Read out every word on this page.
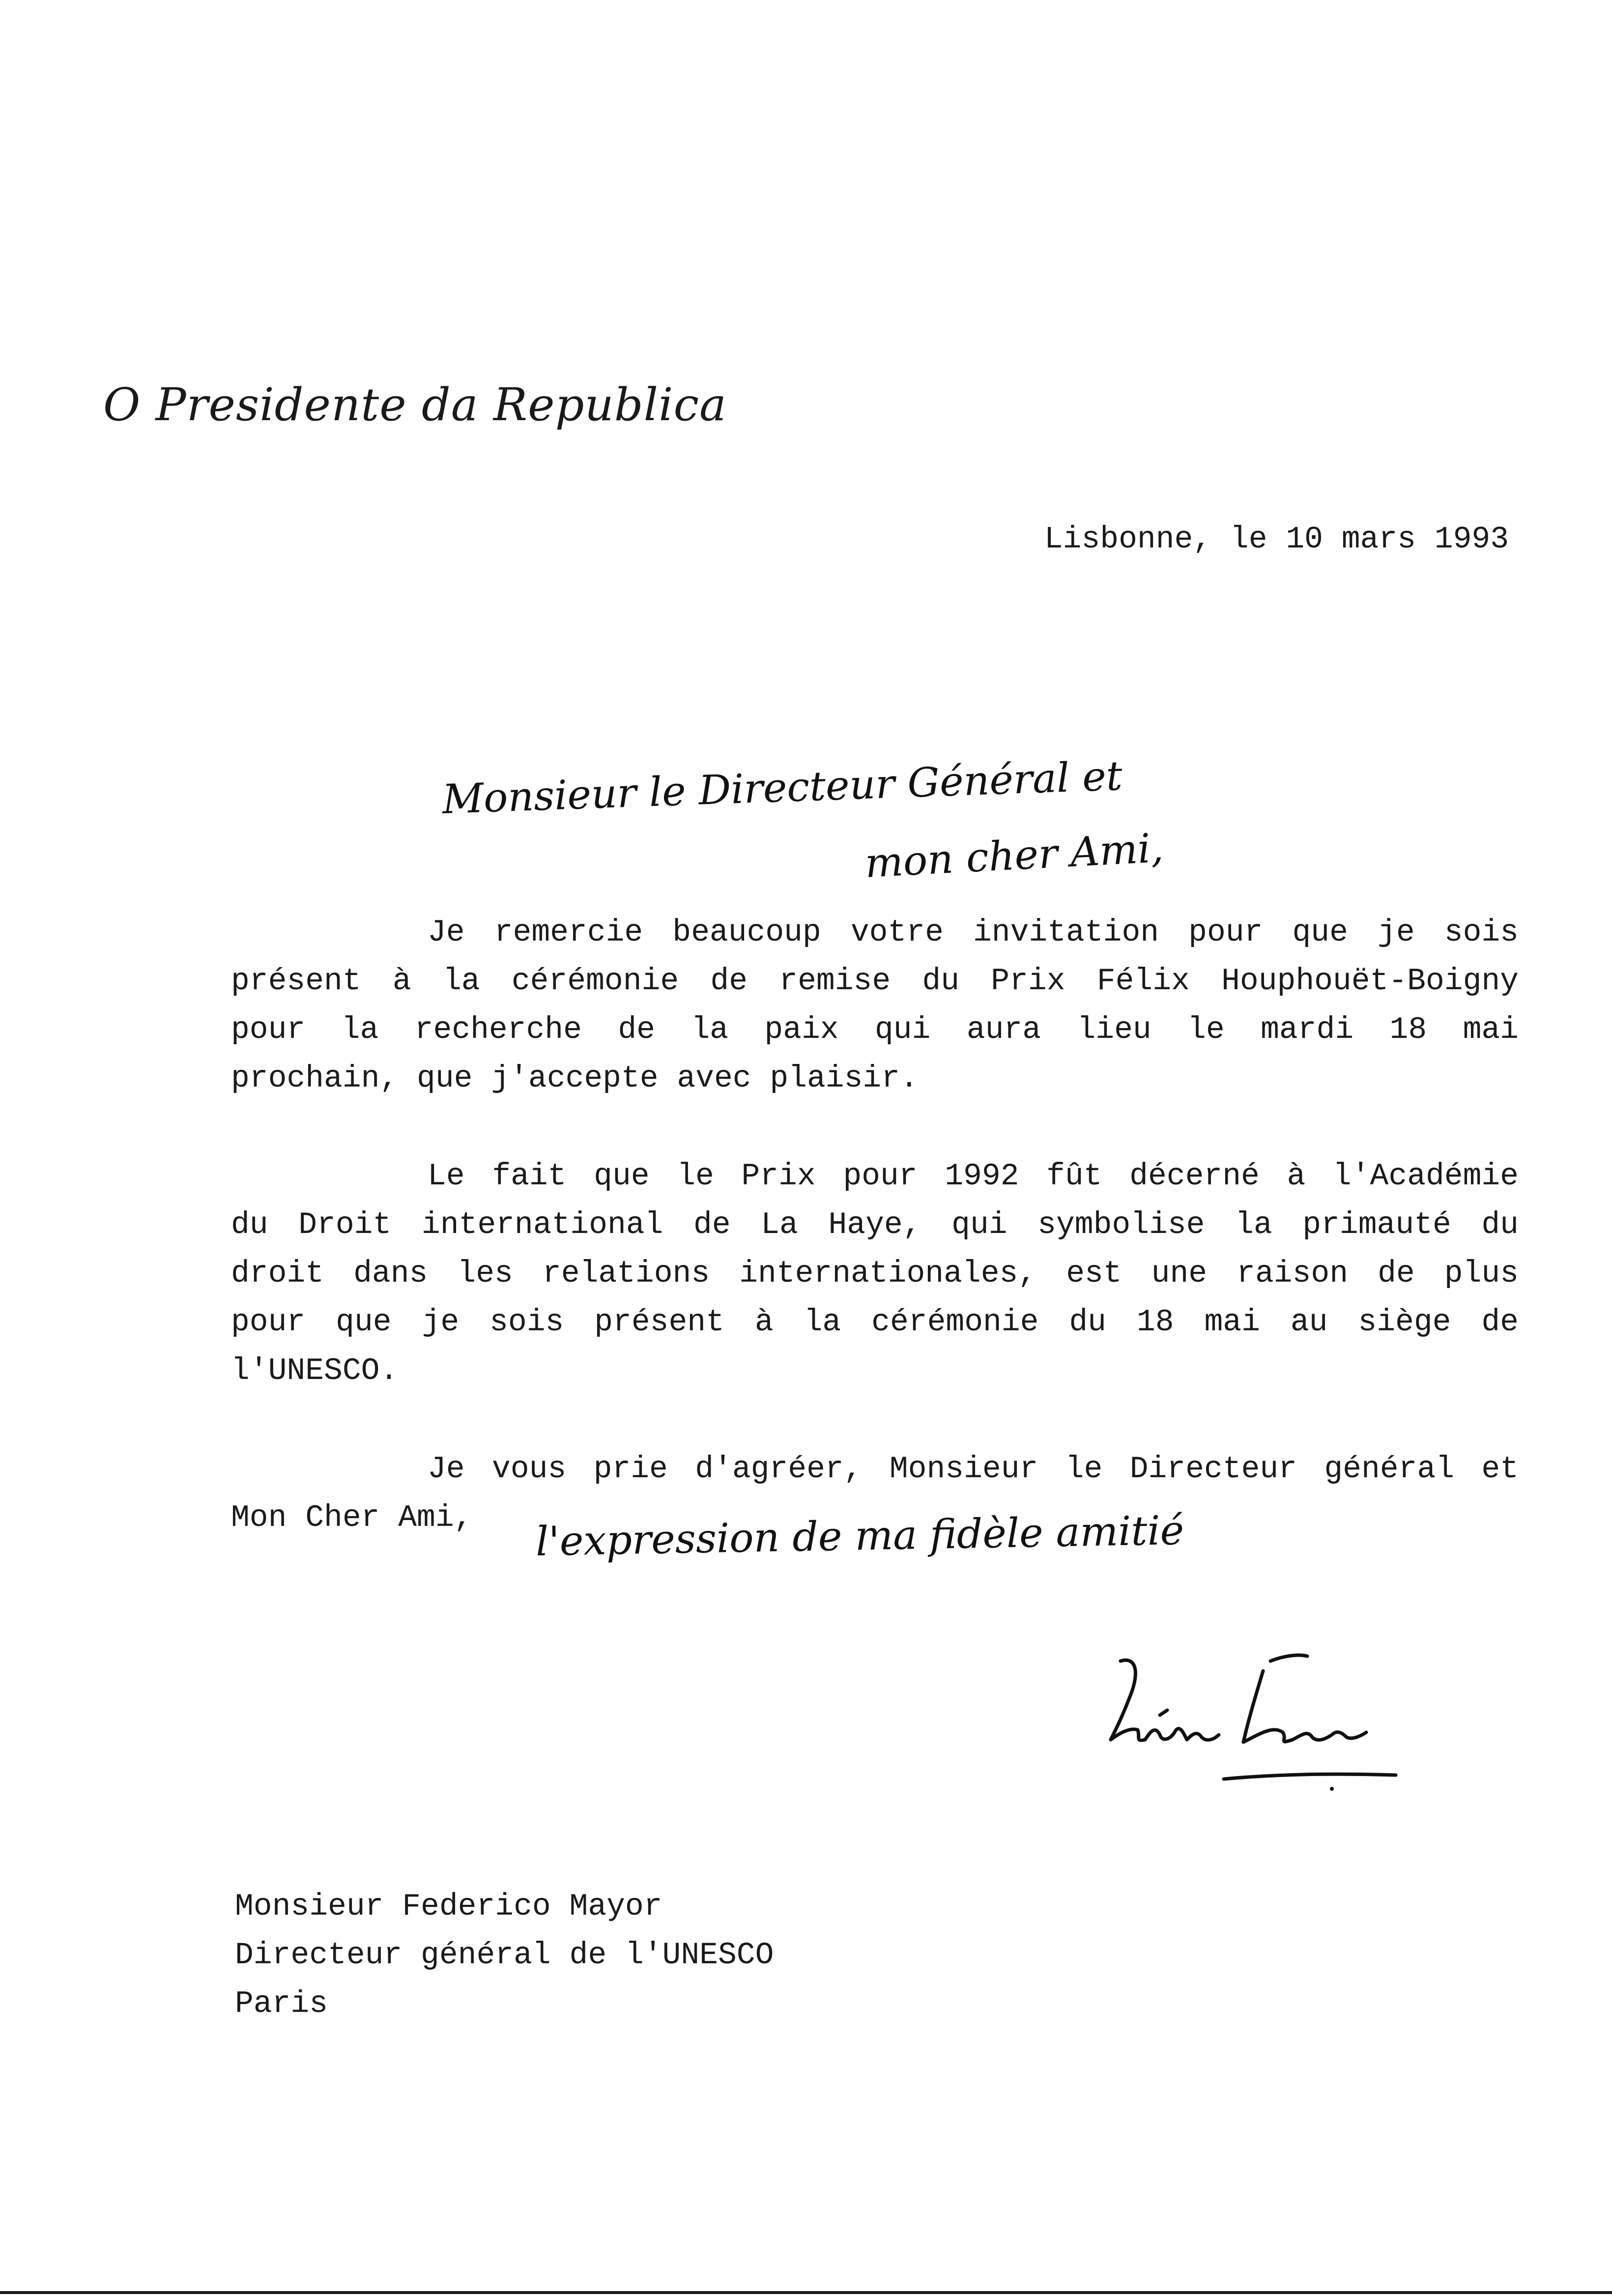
O Presidente da Republica
Lisbonne, le 10 mars 1993
Monsieur le Directeur Général et
mon cher Ami,
Je remercie beaucoup votre invitation pour que je sois
présent à la cérémonie de remise du Prix Félix Houphouët-Boigny
pour la recherche de la paix qui aura lieu le mardi 18 mai
prochain, que j'accepte avec plaisir.
Le fait que le Prix pour 1992 fût décerné à l'Académie
du Droit international de La Haye, qui symbolise la primauté du
droit dans les relations internationales, est une raison de plus
pour que je sois présent à la cérémonie du 18 mai au siège de
l'UNESCO.
Je vous prie d'agréer, Monsieur le Directeur général et
Mon Cher Ami,	l'expression de ma fidèle amitié
Monsieur Federico Mayor
Directeur général de l'UNESCO
Paris
